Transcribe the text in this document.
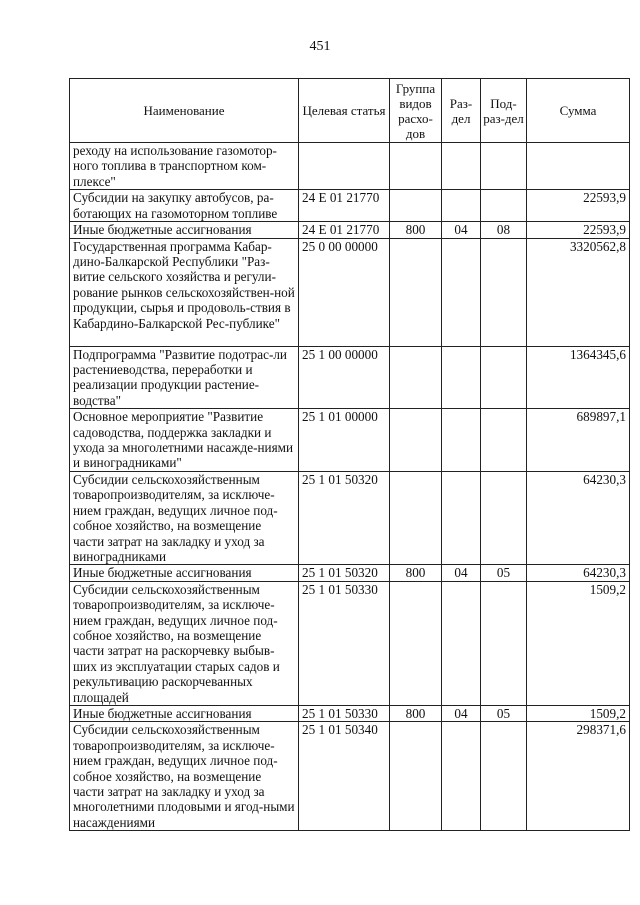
451
Наименование	Целевая статья	Группа видов расхо-дов	Раз-дел	Под-раз-дел	Сумма
реходу на использование газомотор-ного топлива в транспортном ком-плексе"					
Субсидии на закупку автобусов, ра-ботающих на газомоторном топливе	24 Е 01 21770				22593,9
Иные бюджетные ассигнования	24 Е 01 21770	800	04	08	22593,9
Государственная программа Кабар-дино-Балкарской Республики "Раз-витие сельского хозяйства и регули-рование рынков сельскохозяйствен-ной продукции, сырья и продоволь-ствия в Кабардино-Балкарской Рес-публике"	25 0 00 00000				3320562,8
Подпрограмма "Развитие подотрас-ли растениеводства, переработки и реализации продукции растение-водства"	25 1 00 00000				1364345,6
Основное мероприятие "Развитие садоводства, поддержка закладки и ухода за многолетними насажде-ниями и виноградниками"	25 1 01 00000				689897,1
Субсидии сельскохозяйственным товаропроизводителям, за исключе-нием граждан, ведущих личное под-собное хозяйство, на возмещение части затрат на закладку и уход за виноградниками	25 1 01 50320				64230,3
Иные бюджетные ассигнования	25 1 01 50320	800	04	05	64230,3
Субсидии сельскохозяйственным товаропроизводителям, за исключе-нием граждан, ведущих личное под-собное хозяйство, на возмещение части затрат на раскорчевку выбыв-ших из эксплуатации старых садов и рекультивацию раскорчеванных площадей	25 1 01 50330				1509,2
Иные бюджетные ассигнования	25 1 01 50330	800	04	05	1509,2
Субсидии сельскохозяйственным товаропроизводителям, за исключе-нием граждан, ведущих личное под-собное хозяйство, на возмещение части затрат на закладку и уход за многолетними плодовыми и ягод-ными насаждениями	25 1 01 50340				298371,6
